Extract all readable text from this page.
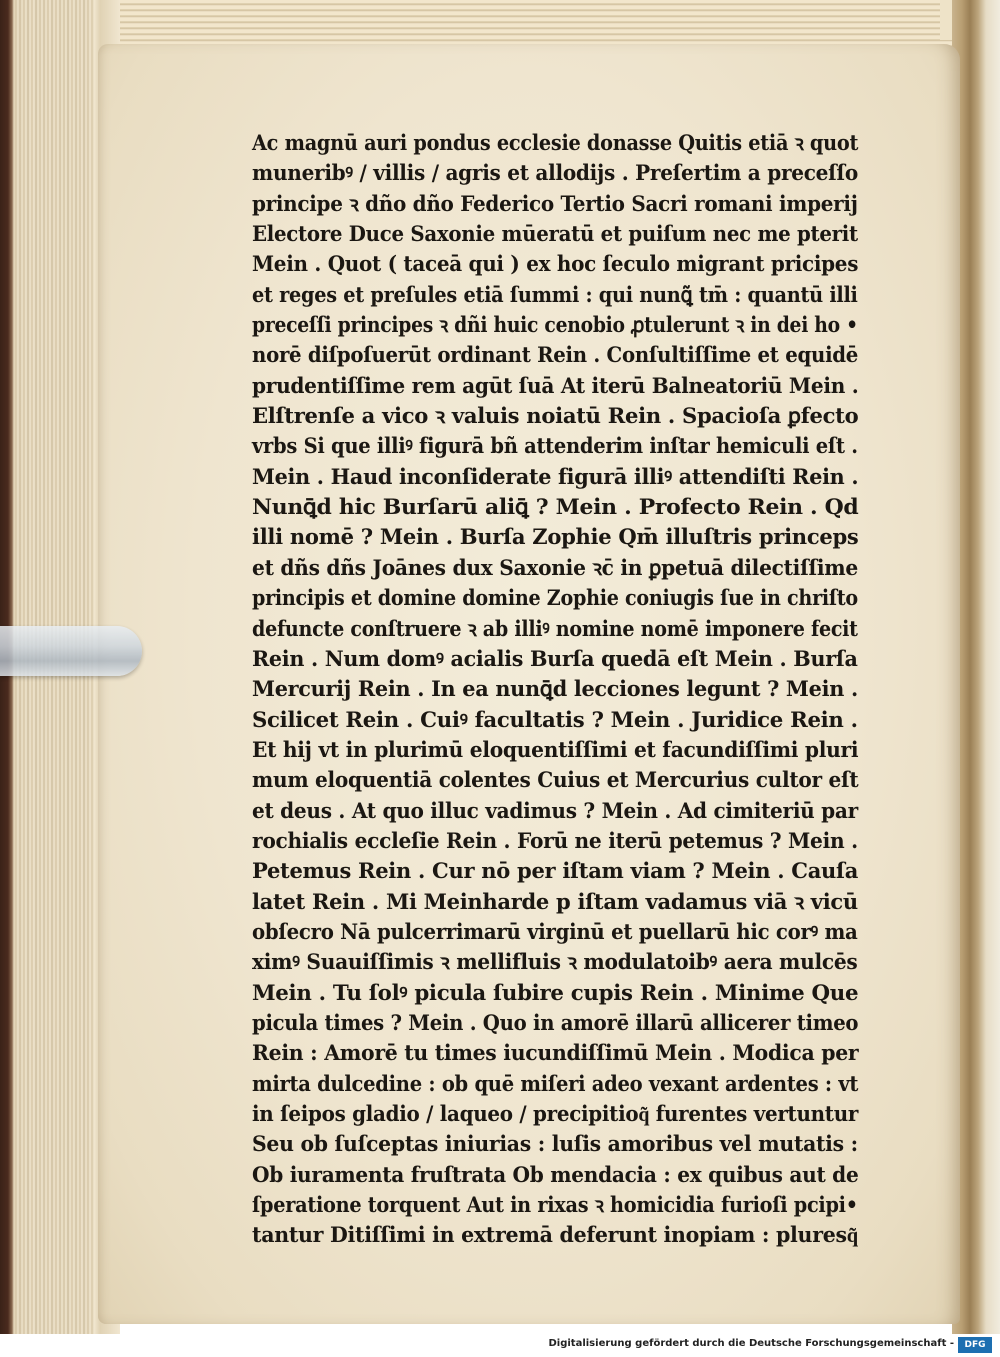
Ac magnū auri pondus ecclesie donasse Quitis etiā ꝛ quot
muneribꝰ / villis / agris et allodijs . Preſertim a preceſſo
principe ꝛ dño dño Federico Tertio Sacri romani imperij
Electore Duce Saxonie mūeratū et puiſum nec me pterit
Mein . Quot ( taceā qui ) ex hoc ſeculo migrant pricipes
et reges et preſules etiā ſummi : qui nunꝗ͂ tm̄ : quantū illi
preceſſi principes ꝛ dñi huic cenobio ꝓtulerunt ꝛ in dei ho •
norē diſpoſuerūt ordinant Rein . Conſultiſſime et equidē
prudentiſſime rem agūt ſuā At iterū Balneatoriū Mein .
Elſtrenſe a vico ꝛ valuis noiatū Rein . Spacioſa ꝑfecto
vrbs Si que illiꝰ figurā bñ attenderim inſtar hemiculi eſt .
Mein . Haud inconſiderate figurā illiꝰ attendiſti Rein .
Nunꝗ̄d hic Burſarū aliꝗ̄ ? Mein . Profecto Rein . Qd
illi nomē ? Mein . Burſa Zophie Qm̄ illuſtris princeps
et dñs dñs Joānes dux Saxonie ꝛc̄ in ꝑpetuā dilectiſſime
principis et domine domine Zophie coniugis ſue in chriſto
defuncte conſtruere ꝛ ab illiꝰ nomine nomē imponere fecit
Rein . Num domꝰ acialis Burſa quedā eſt Mein . Burſa
Mercurij Rein . In ea nunꝗ̄d lecciones legunt ? Mein .
Scilicet Rein . Cuiꝰ facultatis ? Mein . Juridice Rein .
Et hij vt in plurimū eloquentiſſimi et facundiſſimi pluri
mum eloquentiā colentes Cuius et Mercurius cultor eſt
et deus . At quo illuc vadimus ? Mein . Ad cimiteriū par
rochialis eccleſie Rein . Forū ne iterū petemus ? Mein .
Petemus Rein . Cur nō per iſtam viam ? Mein . Cauſa
latet Rein . Mi Meinharde p iſtam vadamus viā ꝛ vicū
obſecro Nā pulcerrimarū virginū et puellarū hic corꝰ ma
ximꝰ Suauiſſimis ꝛ mellifluis ꝛ modulatoibꝰ aera mulcēs
Mein . Tu ſolꝰ picula ſubire cupis Rein . Minime Que
picula times ? Mein . Quo in amorē illarū allicerer timeo
Rein : Amorē tu times iucundiſſimū Mein . Modica per
mirta dulcedine : ob quē miſeri adeo vexant ardentes : vt
in ſeipos gladio / laqueo / precipitioq͂ furentes vertuntur
Seu ob ſuſceptas iniurias : luſis amoribus vel mutatis :
Ob iuramenta fruſtrata Ob mendacia : ex quibus aut de
ſperatione torquent Aut in rixas ꝛ homicidia furioſi pcipi•
tantur Ditiſſimi in extremā deferunt inopiam : pluresq͂
Digitalisierung gefördert durch die Deutsche Forschungsgemeinschaft -	DFG
